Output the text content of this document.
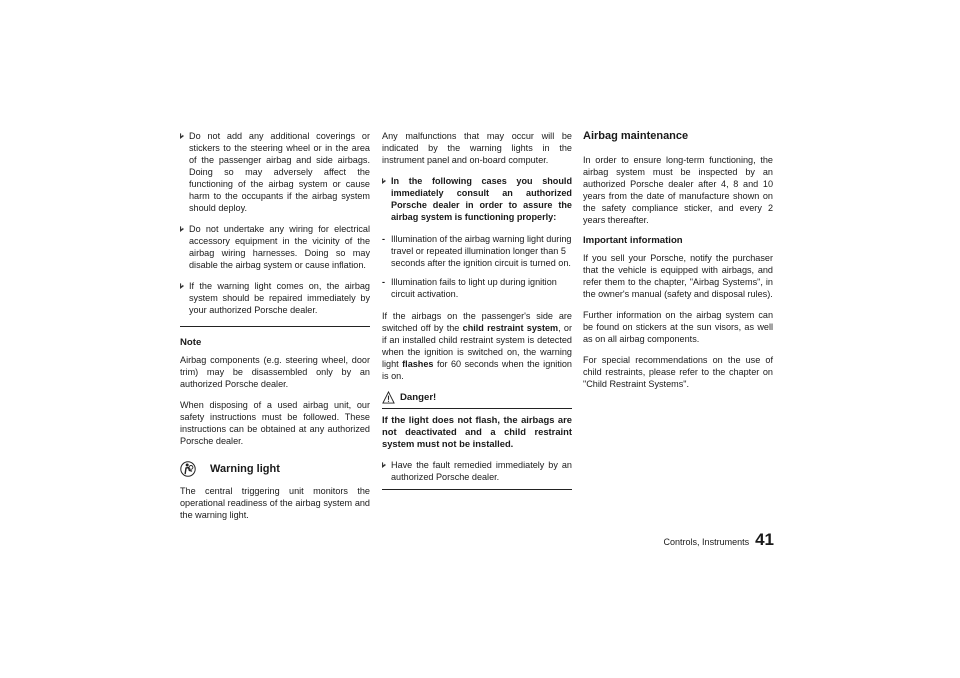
Do not add any additional coverings or stickers to the steering wheel or in the area of the passenger airbag and side airbags. Doing so may adversely affect the functioning of the airbag system or cause harm to the occupants if the airbag system should deploy.
Do not undertake any wiring for electrical accessory equipment in the vicinity of the airbag wiring harnesses. Doing so may disable the airbag system or cause inflation.
If the warning light comes on, the airbag system should be repaired immediately by your authorized Porsche dealer.
Note

Airbag components (e.g. steering wheel, door trim) may be disassembled only by an authorized Porsche dealer.

When disposing of a used airbag unit, our safety instructions must be followed. These instructions can be obtained at any authorized Porsche dealer.

Warning light

The central triggering unit monitors the operational readiness of the airbag system and the warning light.

Any malfunctions that may occur will be indicated by the warning lights in the instrument panel and on-board computer.

In the following cases you should immediately consult an authorized Porsche dealer in order to assure the airbag system is functioning properly:
- Illumination of the airbag warning light during travel or repeated illumination longer than 5 seconds after the ignition circuit is turned on.
- Illumination fails to light up during ignition circuit activation.

If the airbags on the passenger's side are switched off by the child restraint system, or if an installed child restraint system is detected when the ignition is switched on, the warning light flashes for 60 seconds when the ignition is on.

Danger!

If the light does not flash, the airbags are not deactivated and a child restraint system must not be installed.

Have the fault remedied immediately by an authorized Porsche dealer.
Airbag maintenance

In order to ensure long-term functioning, the airbag system must be inspected by an authorized Porsche dealer after 4, 8 and 10 years from the date of manufacture shown on the safety compliance sticker, and every 2 years thereafter.

Important information

If you sell your Porsche, notify the purchaser that the vehicle is equipped with airbags, and refer them to the chapter, "Airbag Systems", in the owner's manual (safety and disposal rules).

Further information on the airbag system can be found on stickers at the sun visors, as well as on all airbag components.

For special recommendations on the use of child restraints, please refer to the chapter on "Child Restraint Systems".

Controls, Instruments 41
